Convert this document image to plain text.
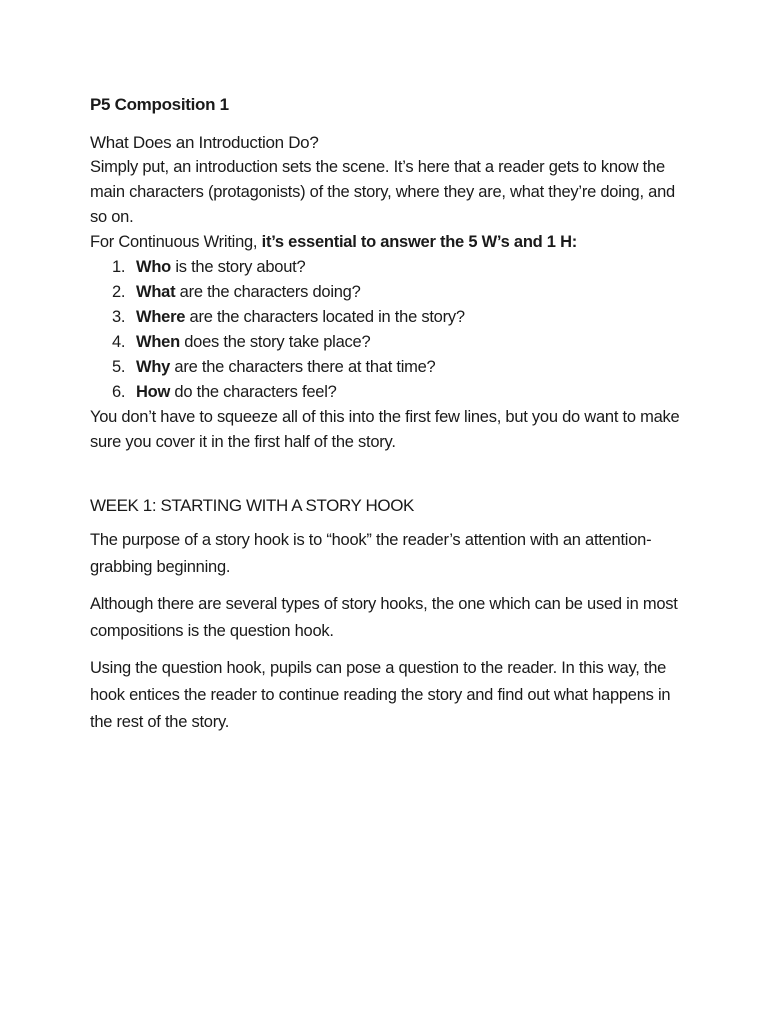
P5 Composition 1
What Does an Introduction Do?

Simply put, an introduction sets the scene. It’s here that a reader gets to know the main characters (protagonists) of the story, where they are, what they’re doing, and so on.

For Continuous Writing, it’s essential to answer the 5 W’s and 1 H:

1. Who is the story about?
2. What are the characters doing?
3. Where are the characters located in the story?
4. When does the story take place?
5. Why are the characters there at that time?
6. How do the characters feel?

You don’t have to squeeze all of this into the first few lines, but you do want to make sure you cover it in the first half of the story.

WEEK 1: STARTING WITH A STORY HOOK

The purpose of a story hook is to “hook” the reader’s attention with an attention-grabbing beginning.

Although there are several types of story hooks, the one which can be used in most compositions is the question hook.

Using the question hook, pupils can pose a question to the reader. In this way, the hook entices the reader to continue reading the story and find out what happens in the rest of the story.
